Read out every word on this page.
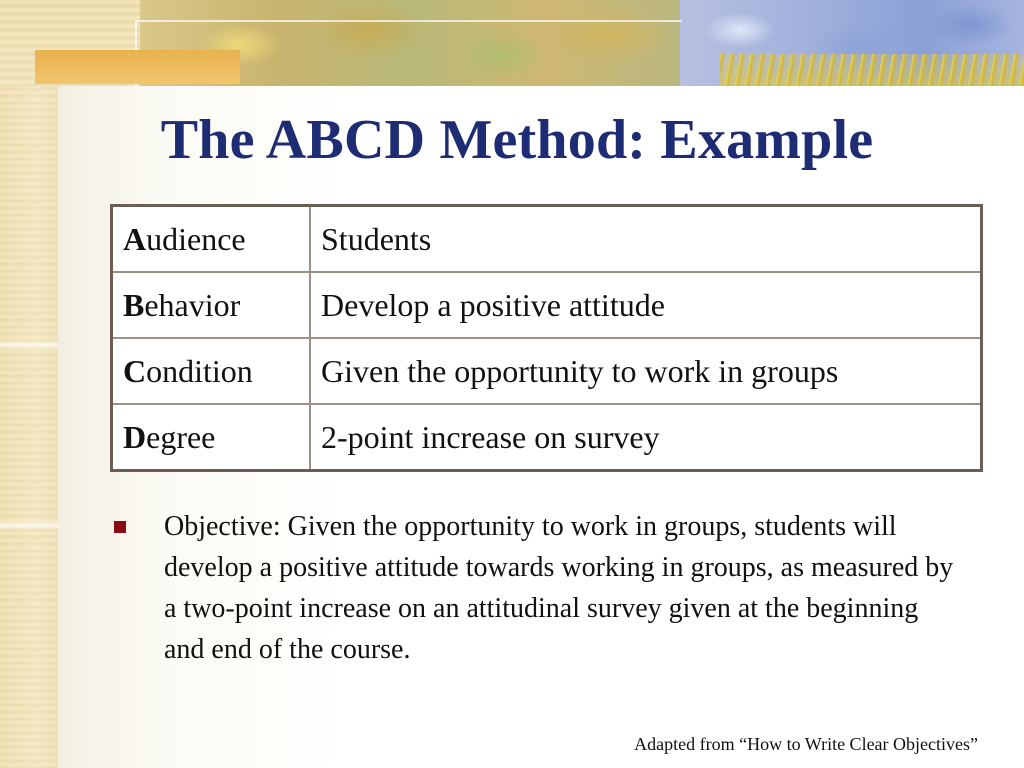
The ABCD Method: Example
Audience	Students
Behavior	Develop a positive attitude
Condition	Given the opportunity to work in groups
Degree	2-point increase on survey
Objective: Given the opportunity to work in groups, students will develop a positive attitude towards working in groups, as measured by a two-point increase on an attitudinal survey given at the beginning and end of the course.
Adapted from “How to Write Clear Objectives”
